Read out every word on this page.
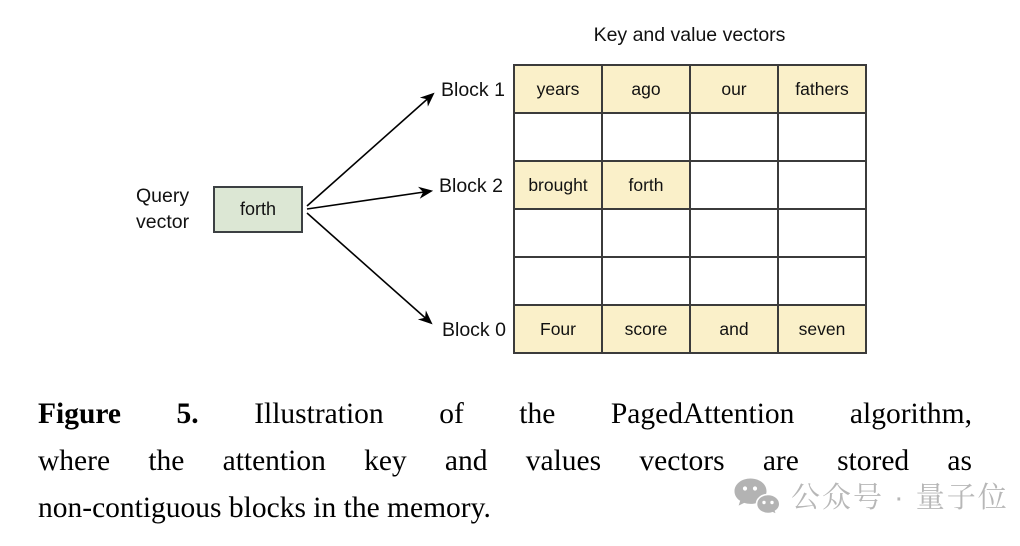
Key and value vectors
Query vector
forth
Block 1
Block 2
Block 0
years	ago	our	fathers

brought	forth		

Four	score	and	seven
Figure 5. Illustration of the PagedAttention algorithm,
where the attention key and values vectors are stored as
non-contiguous blocks in the memory.	公众号 · 量子位
